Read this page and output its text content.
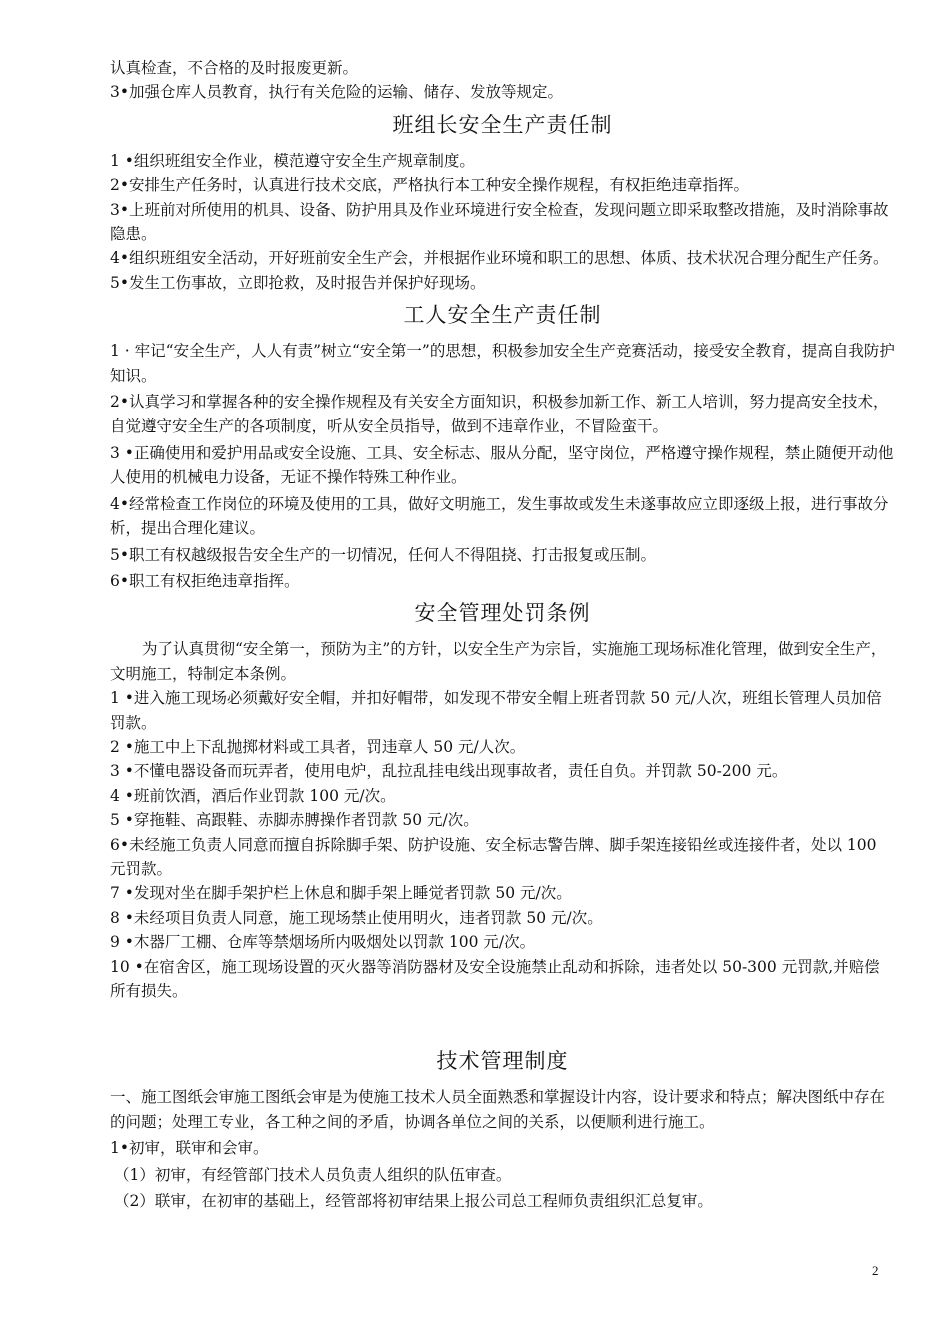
认真检查，不合格的及时报废更新。

3•加强仓库人员教育，执行有关危险的运输、储存、发放等规定。

班组长安全生产责任制

1 •组织班组安全作业，模范遵守安全生产规章制度。

2•安排生产任务时，认真进行技术交底，严格执行本工种安全操作规程，有权拒绝违章指挥。

3•上班前对所使用的机具、设备、防护用具及作业环境进行安全检查，发现问题立即采取整改措施，及时消除事故隐患。

4•组织班组安全活动，开好班前安全生产会，并根据作业环境和职工的思想、体质、技术状况合理分配生产任务。

5•发生工伤事故，立即抢救，及时报告并保护好现场。

工人安全生产责任制

1 · 牢记“安全生产，人人有责”树立“安全第一”的思想，积极参加安全生产竞赛活动，接受安全教育，提高自我防护知识。

2•认真学习和掌握各种的安全操作规程及有关安全方面知识，积极参加新工作、新工人培训，努力提高安全技术，自觉遵守安全生产的各项制度，听从安全员指导，做到不违章作业，不冒险蛮干。

3 •正确使用和爱护用品或安全设施、工具、安全标志、服从分配，坚守岗位，严格遵守操作规程，禁止随便开动他人使用的机械电力设备，无证不操作特殊工种作业。

4•经常检查工作岗位的环境及使用的工具，做好文明施工，发生事故或发生未遂事故应立即逐级上报，进行事故分析，提出合理化建议。

5•职工有权越级报告安全生产的一切情况，任何人不得阻挠、打击报复或压制。

6•职工有权拒绝违章指挥。

安全管理处罚条例

为了认真贯彻“安全第一，预防为主”的方针，以安全生产为宗旨，实施施工现场标准化管理，做到安全生产，文明施工，特制定本条例。

1 •进入施工现场必须戴好安全帽，并扣好帽带，如发现不带安全帽上班者罚款 50 元/人次，班组长管理人员加倍罚款。

2 •施工中上下乱抛掷材料或工具者，罚违章人 50 元/人次。

3 •不懂电器设备而玩弄者，使用电炉，乱拉乱挂电线出现事故者，责任自负。并罚款 50-200 元。

4 •班前饮酒，酒后作业罚款 100 元/次。

5 •穿拖鞋、高跟鞋、赤脚赤膊操作者罚款 50 元/次。

6•未经施工负责人同意而擅自拆除脚手架、防护设施、安全标志警告牌、脚手架连接铅丝或连接件者，处以 100 元罚款。

7 •发现对坐在脚手架护栏上休息和脚手架上睡觉者罚款 50 元/次。

8 •未经项目负责人同意，施工现场禁止使用明火，违者罚款 50 元/次。

9 •木器厂工棚、仓库等禁烟场所内吸烟处以罚款 100 元/次。

10 •在宿舍区，施工现场设置的灭火器等消防器材及安全设施禁止乱动和拆除，违者处以 50-300 元罚款,并赔偿所有损失。

技术管理制度

一、施工图纸会审施工图纸会审是为使施工技术人员全面熟悉和掌握设计内容，设计要求和特点；解决图纸中存在的问题；处理工专业，各工种之间的矛盾，协调各单位之间的关系，以便顺利进行施工。

1•初审，联审和会审。

（1）初审，有经管部门技术人员负责人组织的队伍审查。

（2）联审，在初审的基础上，经管部将初审结果上报公司总工程师负责组织汇总复审。

2
